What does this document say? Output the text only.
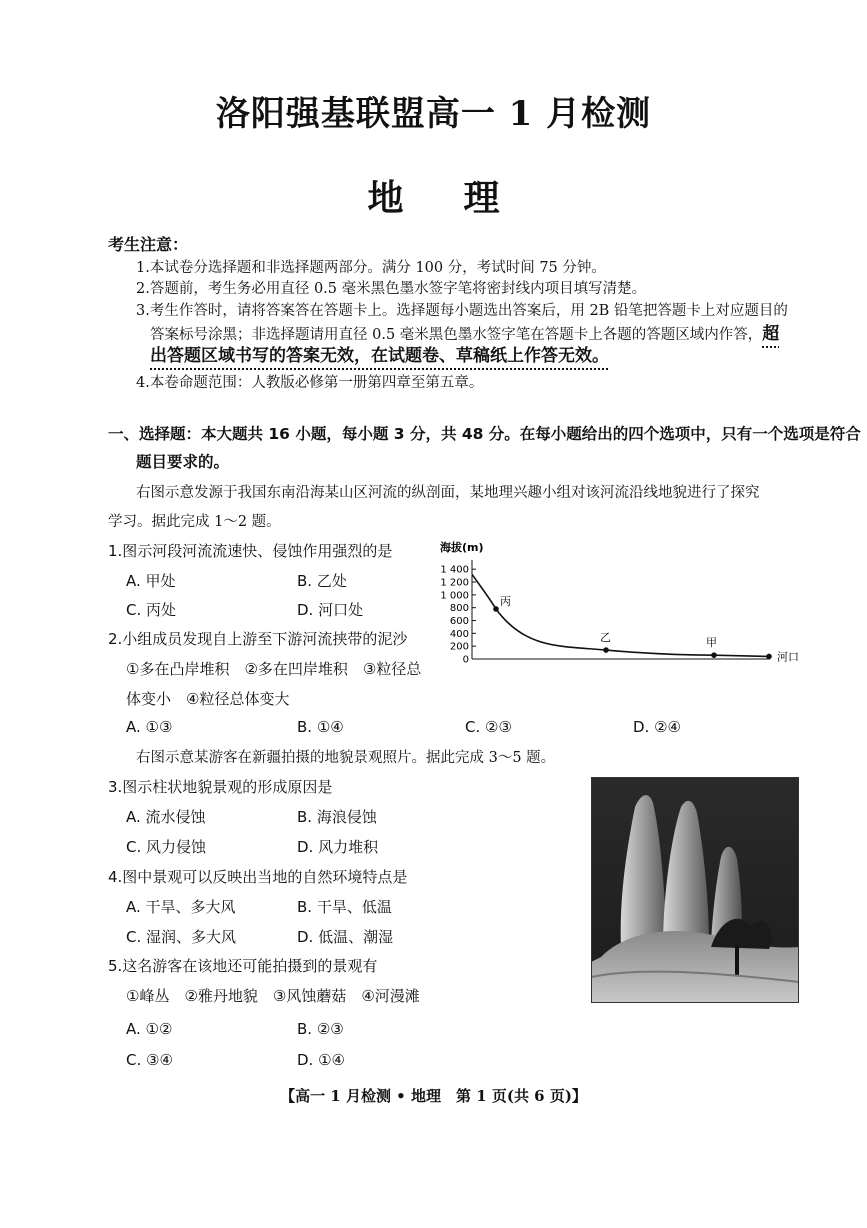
洛阳强基联盟高一 1 月检测
地 理
考生注意：
1.本试卷分选择题和非选择题两部分。满分 100 分，考试时间 75 分钟。
2.答题前，考生务必用直径 0.5 毫米黑色墨水签字笔将密封线内项目填写清楚。
3.考生作答时，请将答案答在答题卡上。选择题每小题选出答案后，用 2B 铅笔把答题卡上对应题目的
答案标号涂黑；非选择题请用直径 0.5 毫米黑色墨水签字笔在答题卡上各题的答题区域内作答，超
出答题区域书写的答案无效，在试题卷、草稿纸上作答无效。
4.本卷命题范围：人教版必修第一册第四章至第五章。
一、选择题：本大题共 16 小题，每小题 3 分，共 48 分。在每小题给出的四个选项中，只有一个选项是符合
题目要求的。
右图示意发源于我国东南沿海某山区河流的纵剖面，某地理兴趣小组对该河流沿线地貌进行了探究
学习。据此完成 1～2 题。
1.图示河段河流流速快、侵蚀作用强烈的是
A. 甲处	B. 乙处
C. 丙处	D. 河口处
2.小组成员发现自上游至下游河流挟带的泥沙
①多在凸岸堆积　②多在凹岸堆积　③粒径总
体变小　④粒径总体变大
A. ①③	B. ①④	C. ②③	D. ②④
海拔(m)
0
200
400
600
800
1 000
1 200
1 400
丙
乙	甲
河口
右图示意某游客在新疆拍摄的地貌景观照片。据此完成 3～5 题。
3.图示柱状地貌景观的形成原因是
A. 流水侵蚀	B. 海浪侵蚀
C. 风力侵蚀	D. 风力堆积
4.图中景观可以反映出当地的自然环境特点是
A. 干旱、多大风	B. 干旱、低温
C. 湿润、多大风	D. 低温、潮湿
5.这名游客在该地还可能拍摄到的景观有
①峰丛　②雅丹地貌　③风蚀蘑菇　④河漫滩
A. ①②	B. ②③
C. ③④	D. ①④
【高一 1 月检测 • 地理　第 1 页(共 6 页)】
